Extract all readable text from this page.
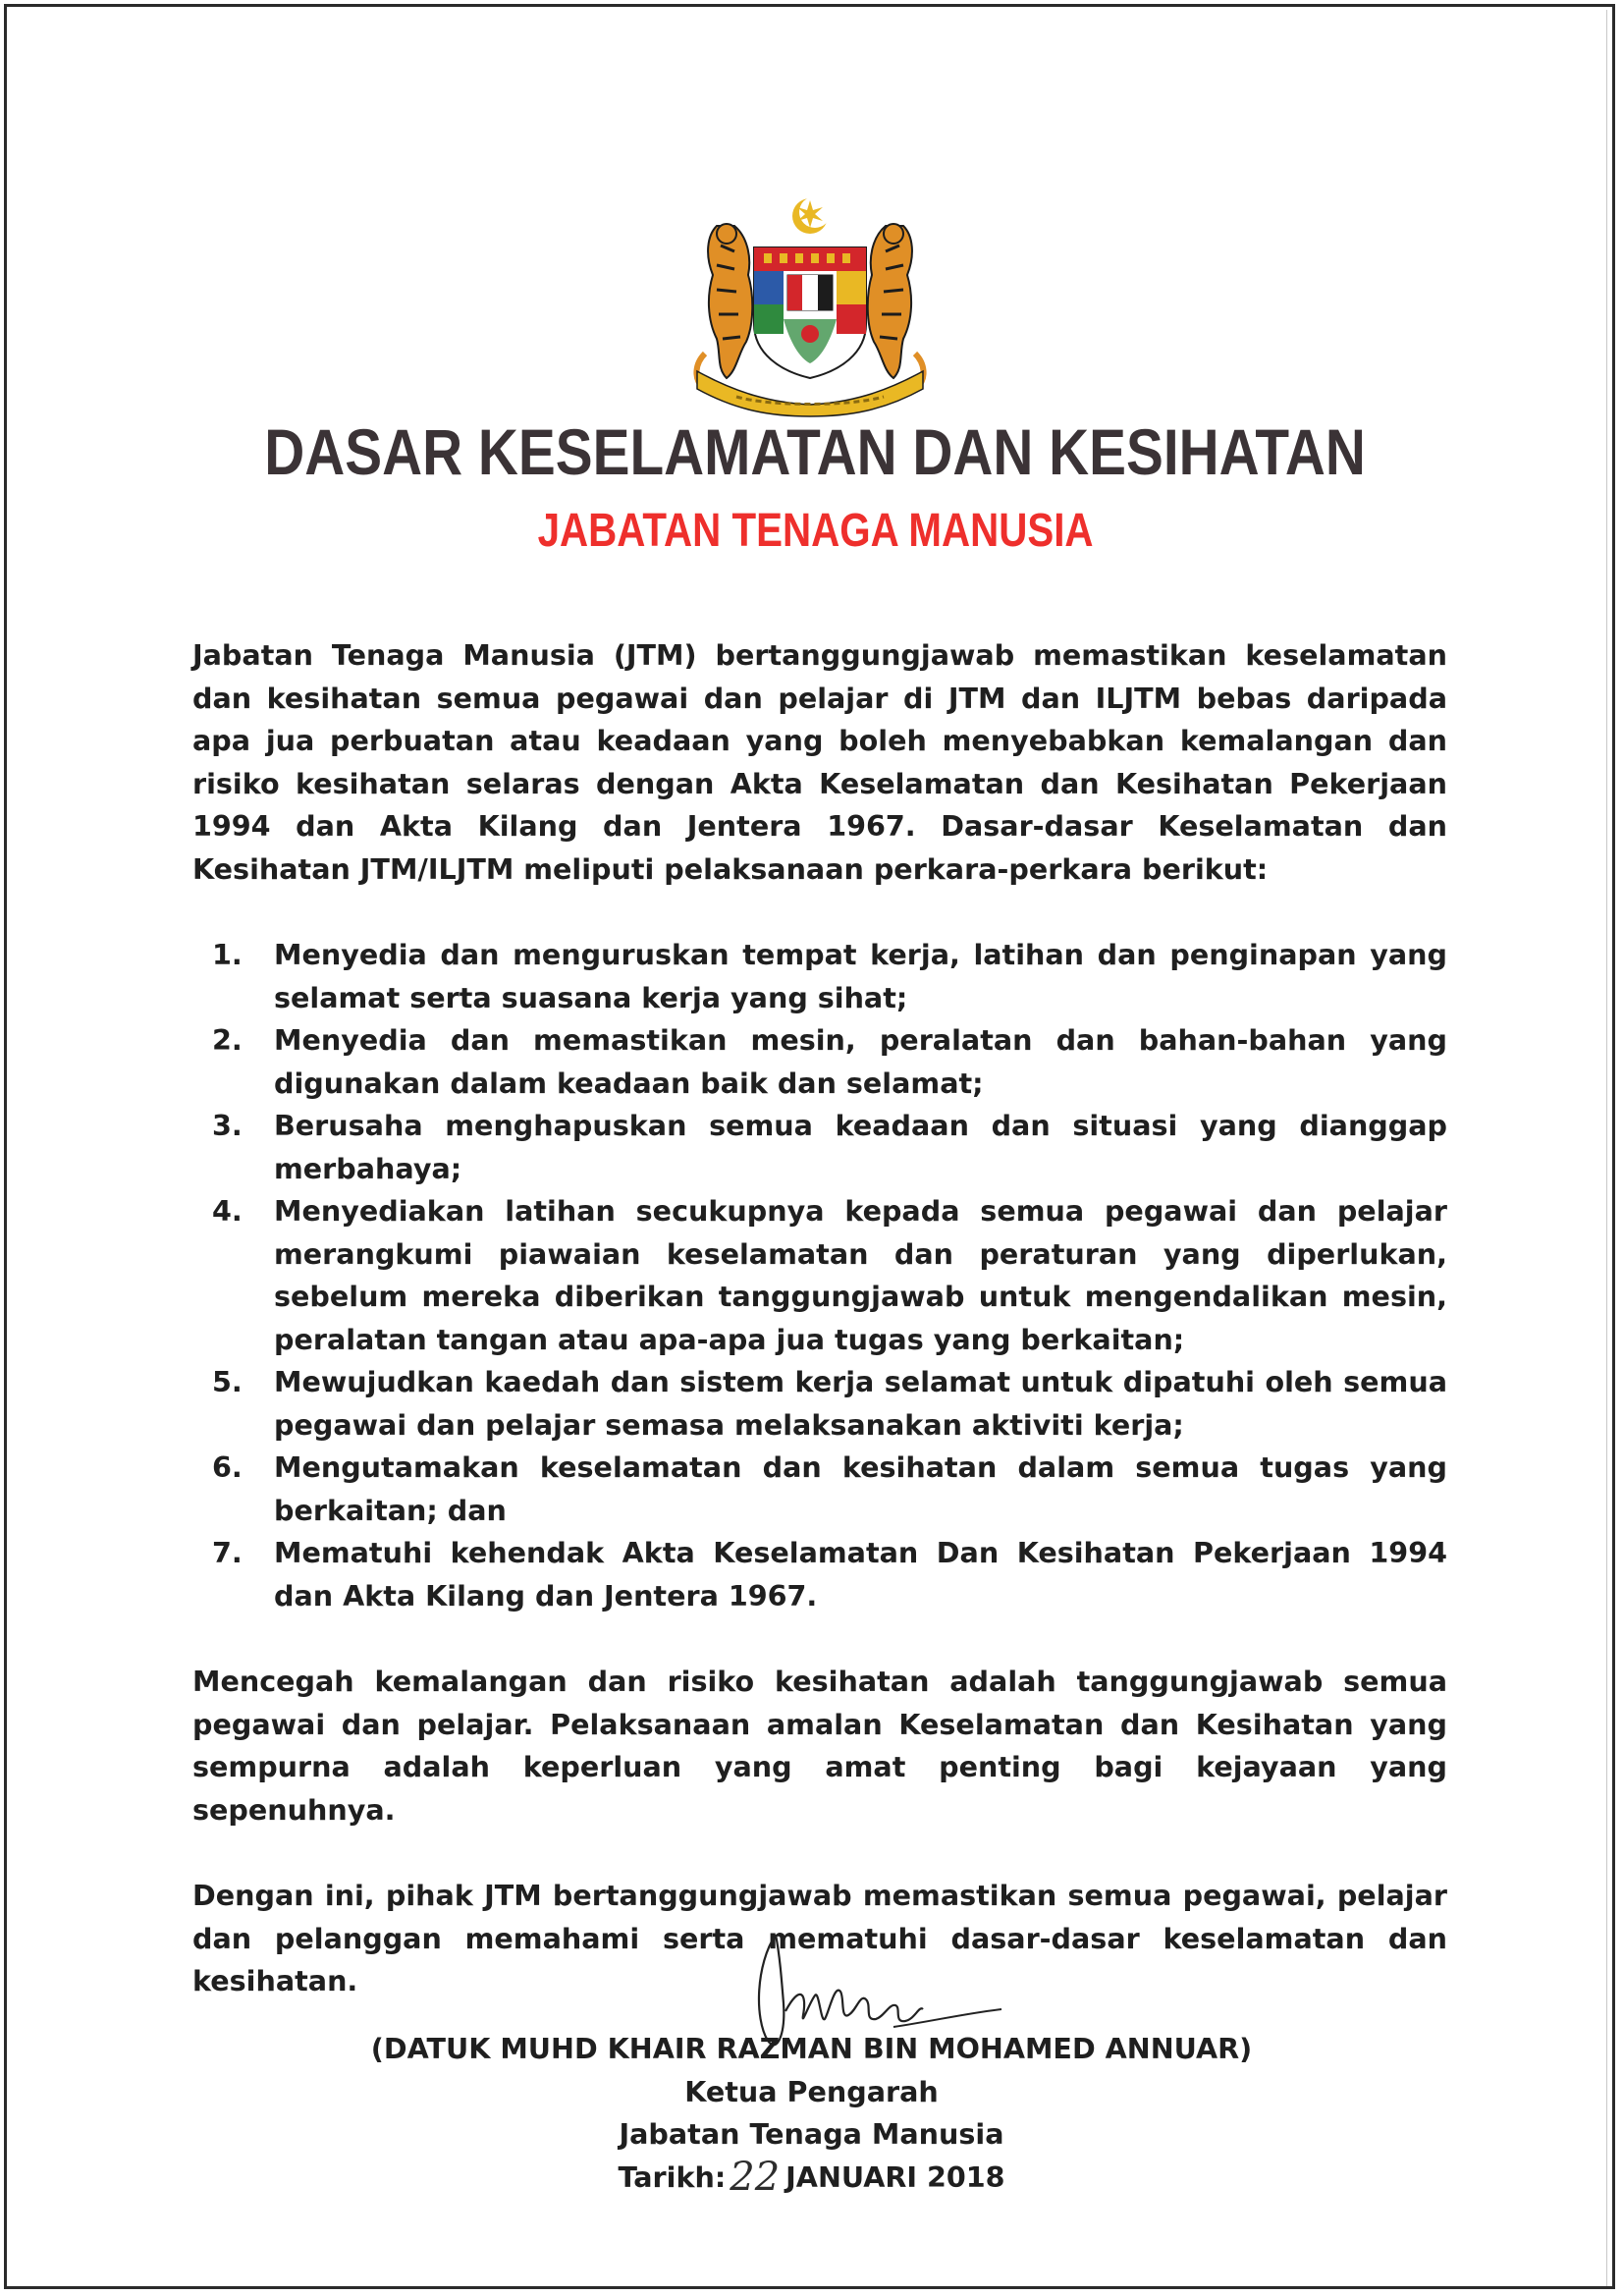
DASAR KESELAMATAN DAN KESIHATAN
JABATAN TENAGA MANUSIA

Jabatan Tenaga Manusia (JTM) bertanggungjawab memastikan keselamatan dan kesihatan semua pegawai dan pelajar di JTM dan ILJTM bebas daripada apa jua perbuatan atau keadaan yang boleh menyebabkan kemalangan dan risiko kesihatan selaras dengan Akta Keselamatan dan Kesihatan Pekerjaan 1994 dan Akta Kilang dan Jentera 1967. Dasar-dasar Keselamatan dan Kesihatan JTM/ILJTM meliputi pelaksanaan perkara-perkara berikut:

1. Menyedia dan menguruskan tempat kerja, latihan dan penginapan yang selamat serta suasana kerja yang sihat;
2. Menyedia dan memastikan mesin, peralatan dan bahan-bahan yang digunakan dalam keadaan baik dan selamat;
3. Berusaha menghapuskan semua keadaan dan situasi yang dianggap merbahaya;
4. Menyediakan latihan secukupnya kepada semua pegawai dan pelajar merangkumi piawaian keselamatan dan peraturan yang diperlukan, sebelum mereka diberikan tanggungjawab untuk mengendalikan mesin, peralatan tangan atau apa-apa jua tugas yang berkaitan;
5. Mewujudkan kaedah dan sistem kerja selamat untuk dipatuhi oleh semua pegawai dan pelajar semasa melaksanakan aktiviti kerja;
6. Mengutamakan keselamatan dan kesihatan dalam semua tugas yang berkaitan; dan
7. Mematuhi kehendak Akta Keselamatan Dan Kesihatan Pekerjaan 1994 dan Akta Kilang dan Jentera 1967.

Mencegah kemalangan dan risiko kesihatan adalah tanggungjawab semua pegawai dan pelajar. Pelaksanaan amalan Keselamatan dan Kesihatan yang sempurna adalah keperluan yang amat penting bagi kejayaan yang sepenuhnya.

Dengan ini, pihak JTM bertanggungjawab memastikan semua pegawai, pelajar dan pelanggan memahami serta mematuhi dasar-dasar keselamatan dan kesihatan.

(DATUK MUHD KHAIR RAZMAN BIN MOHAMED ANNUAR)
Ketua Pengarah
Jabatan Tenaga Manusia
Tarikh: 22 JANUARI 2018
